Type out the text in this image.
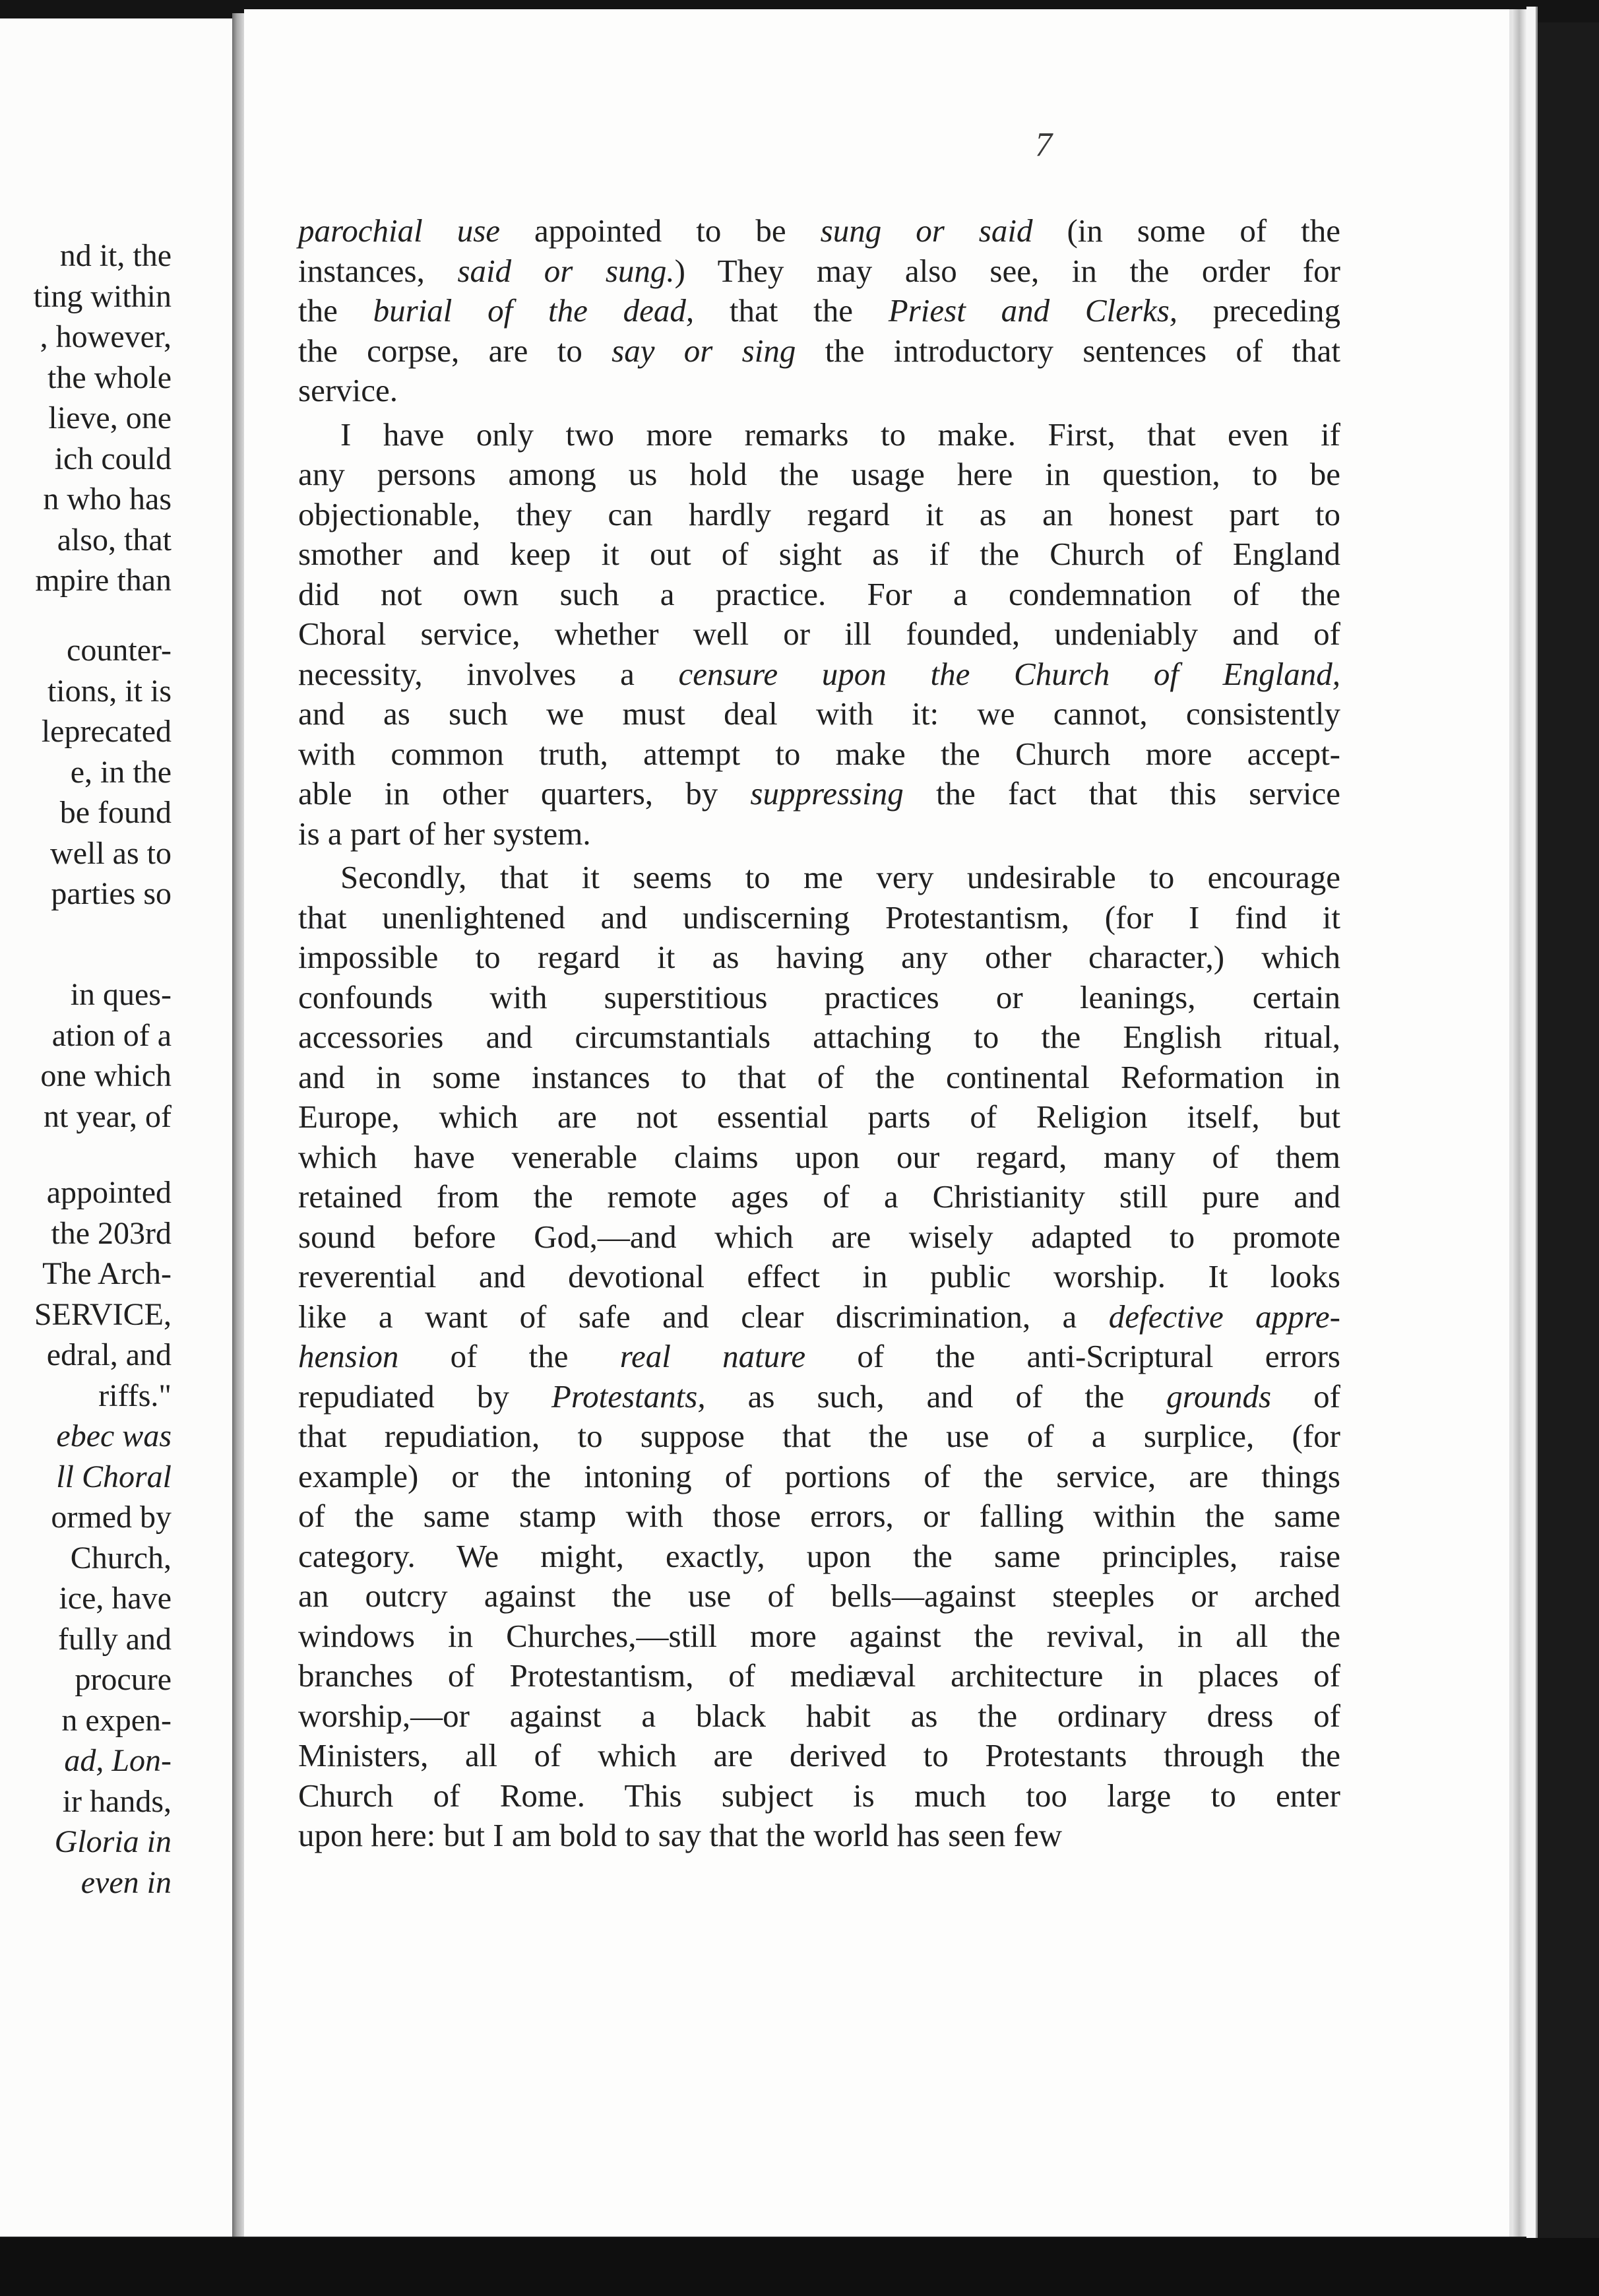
nd it, the
ting within
, however,
the whole
lieve, one
ich could
n who has
also, that
mpire than
counter-
tions, it is
leprecated
e, in the
be found
well as to
parties so
in ques-
ation of a
one which
nt year, of
appointed
the 203rd
The Arch-
SERVICE,
edral, and
riffs."
ebec was
ll Choral
ormed by
Church,
ice, have
fully and
procure
n expen-
ad, Lon-
ir hands,
Gloria in
even in
7
parochial use appointed to be sung or said (in some of the
instances, said or sung.) They may also see, in the order for
the burial of the dead, that the Priest and Clerks, preceding
the corpse, are to say or sing the introductory sentences of that
service.
I have only two more remarks to make. First, that even if
any persons among us hold the usage here in question, to be
objectionable, they can hardly regard it as an honest part to
smother and keep it out of sight as if the Church of England
did not own such a practice. For a condemnation of the
Choral service, whether well or ill founded, undeniably and of
necessity, involves a censure upon the Church of England,
and as such we must deal with it: we cannot, consistently
with common truth, attempt to make the Church more accept-
able in other quarters, by suppressing the fact that this service
is a part of her system.
Secondly, that it seems to me very undesirable to encourage
that unenlightened and undiscerning Protestantism, (for I find it
impossible to regard it as having any other character,) which
confounds with superstitious practices or leanings, certain
accessories and circumstantials attaching to the English ritual,
and in some instances to that of the continental Reformation in
Europe, which are not essential parts of Religion itself, but
which have venerable claims upon our regard, many of them
retained from the remote ages of a Christianity still pure and
sound before God,—and which are wisely adapted to promote
reverential and devotional effect in public worship. It looks
like a want of safe and clear discrimination, a defective appre-
hension of the real nature of the anti-Scriptural errors
repudiated by Protestants, as such, and of the grounds of
that repudiation, to suppose that the use of a surplice, (for
example) or the intoning of portions of the service, are things
of the same stamp with those errors, or falling within the same
category. We might, exactly, upon the same principles, raise
an outcry against the use of bells—against steeples or arched
windows in Churches,—still more against the revival, in all the
branches of Protestantism, of mediæval architecture in places of
worship,—or against a black habit as the ordinary dress of
Ministers, all of which are derived to Protestants through the
Church of Rome. This subject is much too large to enter
upon here: but I am bold to say that the world has seen few
